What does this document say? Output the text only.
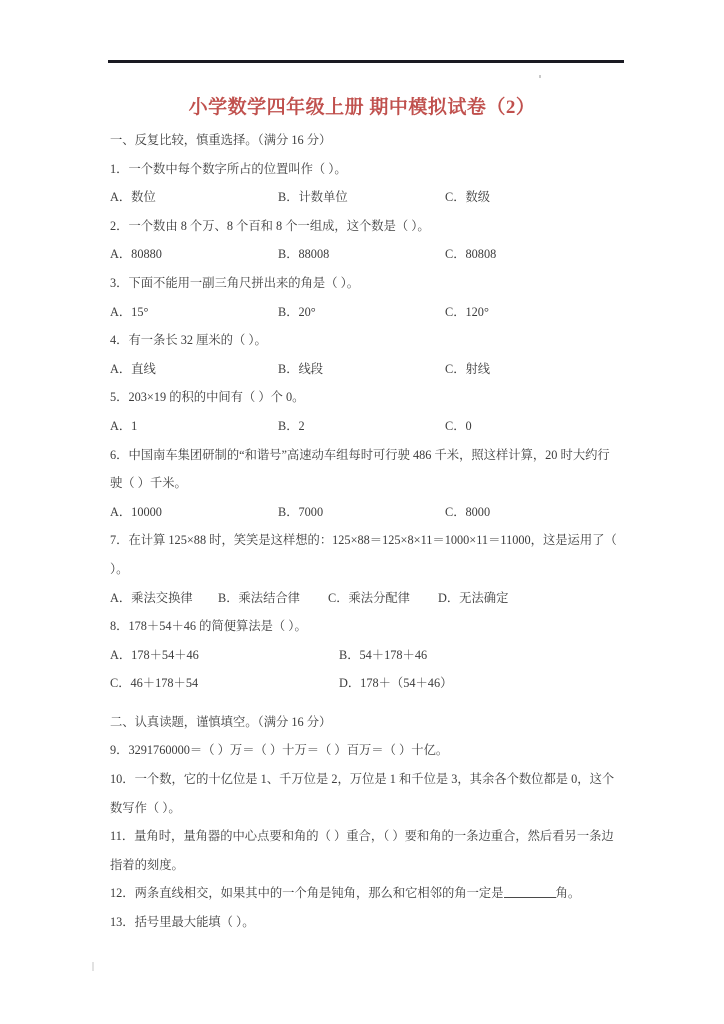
小学数学四年级上册 期中模拟试卷（2）
一、反复比较，慎重选择。（满分 16 分）
1．一个数中每个数字所占的位置叫作（ ）。
A．数位	B．计数单位	C．数级
2．一个数由 8 个万、8 个百和 8 个一组成，这个数是（ ）。
A．80880	B．88008	C．80808
3．下面不能用一副三角尺拼出来的角是（ ）。
A．15°	B．20°	C．120°
4．有一条长 32 厘米的（ ）。
A．直线	B．线段	C．射线
5．203×19 的积的中间有（ ）个 0。
A．1	B．2	C．0
6．中国南车集团研制的“和谐号”高速动车组每时可行驶 486 千米，照这样计算，20 时大约行驶（ ）千米。
A．10000	B．7000	C．8000
7．在计算 125×88 时，笑笑是这样想的：125×88＝125×8×11＝1000×11＝11000，这是运用了（ ）。
A．乘法交换律 B．乘法结合律 C．乘法分配律 D．无法确定
8．178＋54＋46 的简便算法是（ ）。
A．178＋54＋46	B．54＋178＋46
C．46＋178＋54	D．178＋（54＋46）
二、认真读题，谨慎填空。（满分 16 分）
9．3291760000＝（ ）万＝（ ）十万＝（ ）百万＝（ ）十亿。
10．一个数，它的十亿位是 1、千万位是 2，万位是 1 和千位是 3，其余各个数位都是 0，这个数写作（ ）。
11．量角时，量角器的中心点要和角的（ ）重合，（ ）要和角的一条边重合，然后看另一条边指着的刻度。
12．两条直线相交，如果其中的一个角是钝角，那么和它相邻的角一定是	角。
13．括号里最大能填（ ）。
